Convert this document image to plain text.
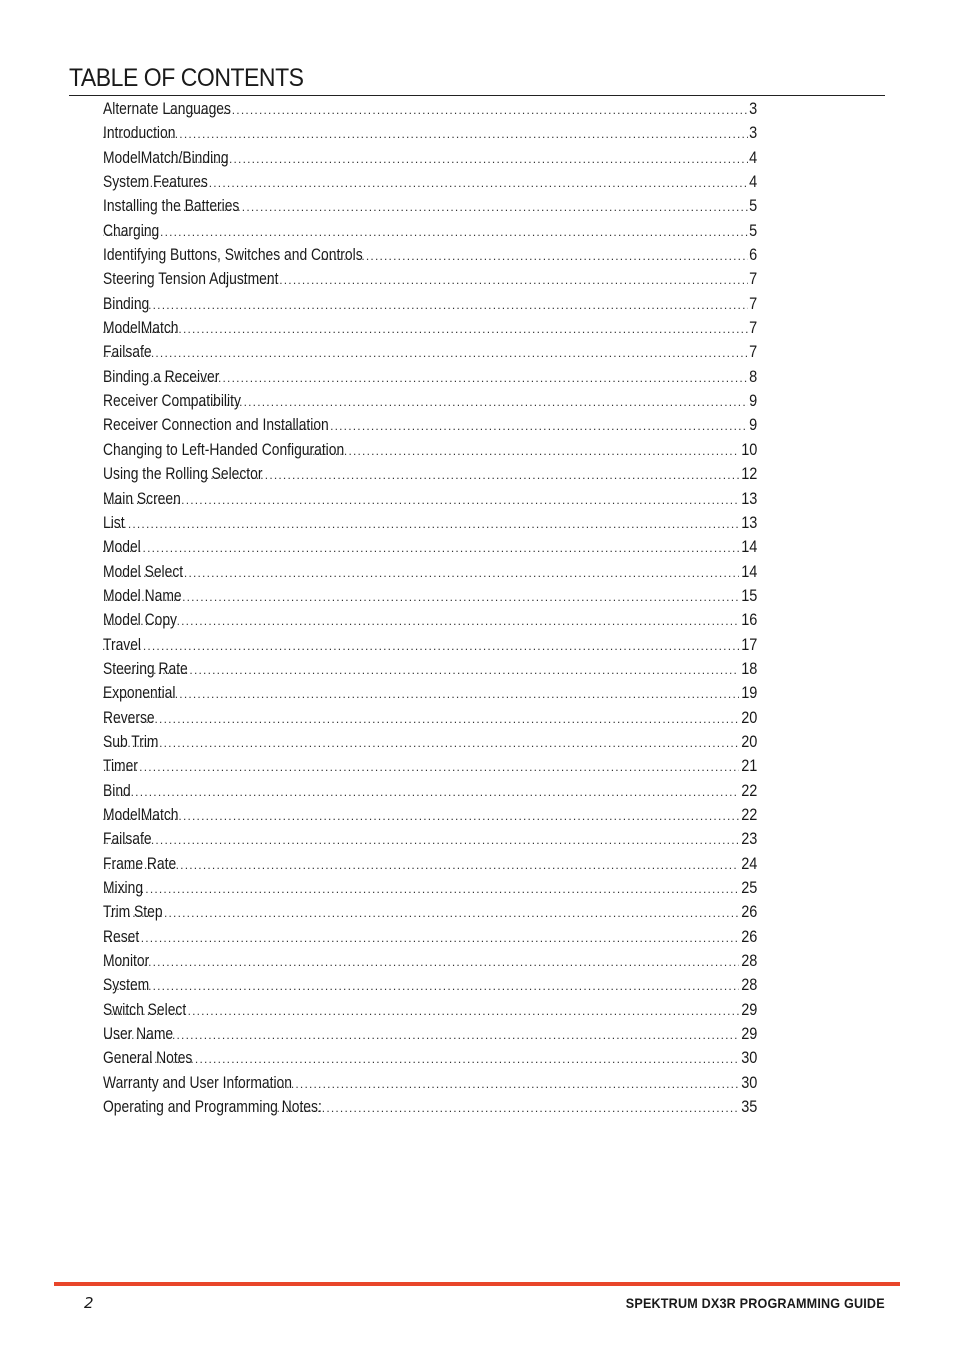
TABLE OF CONTENTS
Alternate Languages .....	3
Introduction .....	3
ModelMatch/Binding .....	4
System Features .....	4
Installing the Batteries .....	5
Charging .....	5
Identifying Buttons, Switches and Controls .....	6
Steering Tension Adjustment .....	7
Binding .....	7
ModelMatch .....	7
Failsafe .....	7
Binding a Receiver .....	8
Receiver Compatibility .....	9
Receiver Connection and Installation .....	9
Changing to Left-Handed Configuration .....	10
Using the Rolling Selector .....	12
Main Screen .....	13
List .....	13
Model .....	14
Model Select .....	14
Model Name .....	15
Model Copy .....	16
Travel .....	17
Steering Rate .....	18
Exponential .....	19
Reverse .....	20
Sub Trim .....	20
Timer .....	21
Bind .....	22
ModelMatch .....	22
Failsafe .....	23
Frame Rate .....	24
Mixing .....	25
Trim Step .....	26
Reset .....	26
Monitor .....	28
System .....	28
Switch Select .....	29
User Name .....	29
General Notes .....	30
Warranty and User Information .....	30
Operating and Programming Notes: .....	35
2	SPEKTRUM DX3R PROGRAMMING GUIDE
